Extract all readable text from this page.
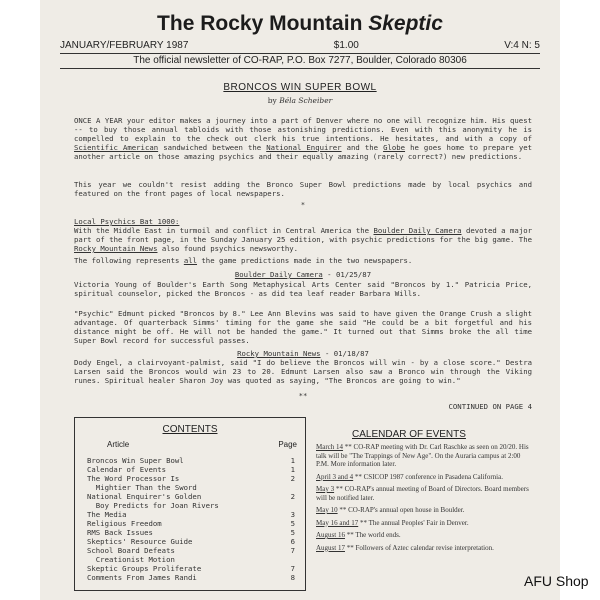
The Rocky Mountain Skeptic
JANUARY/FEBRUARY 1987	$1.00	V:4 N: 5
The official newsletter of CO-RAP, P.O. Box 7277, Boulder, Colorado 80306
BRONCOS WIN SUPER BOWL
by Béla Scheiber
ONCE A YEAR your editor makes a journey into a part of Denver where no one will recognize him. His quest -- to buy those annual tabloids with those astonishing predictions. Even with this anonymity he is compelled to explain to the check out clerk his true intentions. He hesitates, and with a copy of Scientific American sandwiched between the National Enquirer and the Globe he goes home to prepare yet another article on those amazing psychics and their equally amazing (rarely correct?) new predictions.
This year we couldn't resist adding the Bronco Super Bowl predictions made by local psychics and featured on the front pages of local newspapers.
*
Local Psychics Bat 1000:
With the Middle East in turmoil and conflict in Central America the Boulder Daily Camera devoted a major part of the front page, in the Sunday January 25 edition, with psychic predictions for the big game. The Rocky Mountain News also found psychics newsworthy.
The following represents all the game predictions made in the two newspapers.
Boulder Daily Camera - 01/25/87
Victoria Young of Boulder's Earth Song Metaphysical Arts Center said "Broncos by 1." Patricia Price, spiritual counselor, picked the Broncos - as did tea leaf reader Barbara Wills.
"Psychic" Edmunt picked "Broncos by 8." Lee Ann Blevins was said to have given the Orange Crush a slight advantage. Of quarterback Simms' timing for the game she said "He could be a bit forgetful and his distance might be off. He will not be handed the game." It turned out that Simms broke the all time Super Bowl record for successful passes.
Rocky Mountain News - 01/18/87
Dody Engel, a clairvoyant-palmist, said "I do believe the Broncos will win - by a close score." Destra Larsen said the Broncos would win 23 to 20. Edmunt Larsen also saw a Bronco win through the Viking runes. Spiritual healer Sharon Joy was quoted as saying, "The Broncos are going to win."
**
CONTINUED ON PAGE 4
CONTENTS
Article	Page
Broncos Win Super Bowl	1
Calendar of Events	1
The Word Processor Is	2
Mightier Than the Sword
National Enquirer's Golden	2
Boy Predicts for Joan Rivers
The Media	3
Religious Freedom	5
RMS Back Issues	5
Skeptics' Resource Guide	6
School Board Defeats	7
Creationist Motion
Skeptic Groups Proliferate	7
Comments From James Randi	8
CALENDAR OF EVENTS
March 14 ** CO-RAP meeting with Dr. Carl Raschke as seen on 20/20. His talk will be "The Trappings of New Age". On the Auraria campus at 2:00 P.M. More information later.
April 3 and 4 ** CSICOP 1987 conference in Pasadena California.
May 3 ** CO-RAP's annual meeting of Board of Directors. Board members will be notified later.
May 10 ** CO-RAP's annual open house in Boulder.
May 16 and 17 ** The annual Peoples' Fair in Denver.
August 16 ** The world ends.
August 17 ** Followers of Aztec calendar revise interpretation.
AFU Shop
